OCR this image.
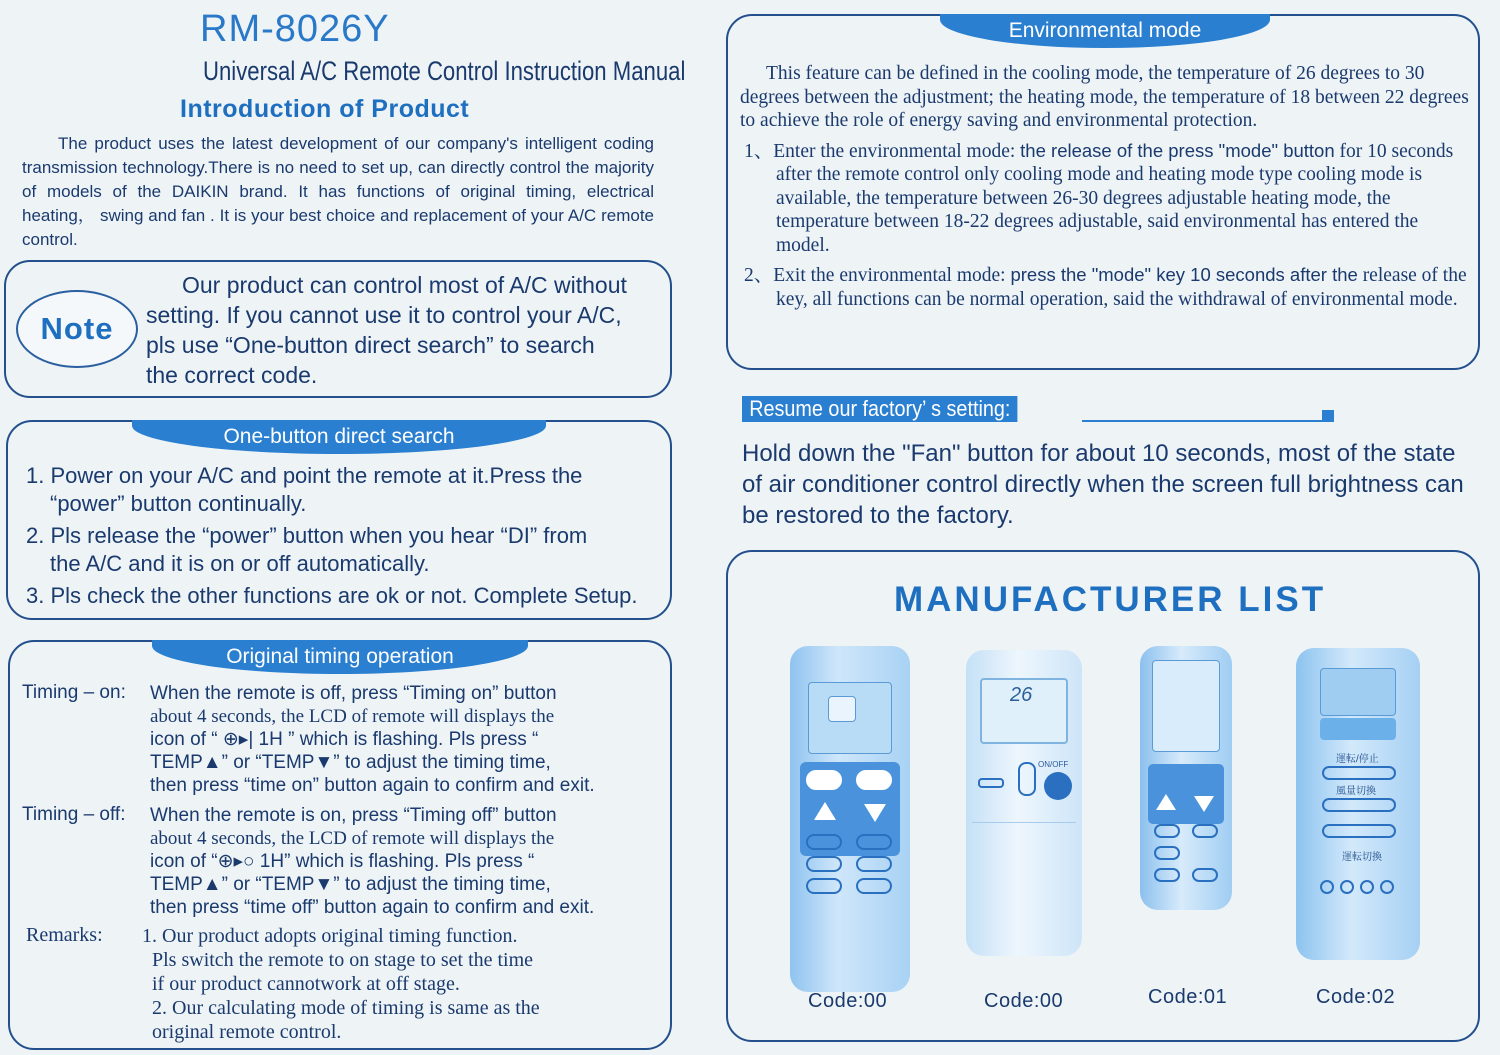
RM-8026Y
Universal A/C Remote Control Instruction Manual
Introduction of Product

The product uses the latest development of our company's intelligent coding transmission technology.There is no need to set up, can directly control the majority of models of the DAIKIN brand. It has functions of original timing, electrical heating， swing and fan . It is your best choice and replacement of your A/C remote control.

Note
Our product can control most of A/C without
setting. If you cannot use it to control your A/C,
pls use “One-button direct search” to search
the correct code.
One-button direct search
1. Power on your A/C and point the remote at it.Press the
“power” button continually.
2. Pls release the “power” button when you hear “DI” from
the A/C and it is on or off automatically.
3. Pls check the other functions are ok or not. Complete Setup.
Original timing operation
Timing – on: When the remote is off, press “Timing on” button
about 4 seconds, the LCD of remote will displays the
icon of “ ⊕▸| 1H ” which is flashing. Pls press “
TEMP▲” or “TEMP▼” to adjust the timing time,
then press “time on” button again to confirm and exit.
Timing – off: When the remote is on, press “Timing off” button
about 4 seconds, the LCD of remote will displays the
icon of “⊕▸○ 1H” which is flashing. Pls press “
TEMP▲” or “TEMP▼” to adjust the timing time,
then press “time off” button again to confirm and exit.
Remarks: 1. Our product adopts original timing function.
Pls switch the remote to on stage to set the time
if our product cannotwork at off stage.
2. Our calculating mode of timing is same as the
original remote control.
Environmental mode

This feature can be defined in the cooling mode, the temperature of 26 degrees to 30 degrees between the adjustment; the heating mode, the temperature of 18 between 22 degrees to achieve the role of energy saving and environmental protection.

1、Enter the environmental mode: the release of the press "mode" button for 10 seconds after the remote control only cooling mode and heating mode type cooling mode is available, the temperature between 26-30 degrees adjustable heating mode, the temperature between 18-22 degrees adjustable, said environmental has entered the model.

2、Exit the environmental mode: press the "mode" key 10 seconds after the release of the key, all functions can be normal operation, said the withdrawal of environmental mode.

Resume our factory’ s setting:
Hold down the "Fan" button for about 10 seconds, most of the state of air conditioner control directly when the screen full brightness can be restored to the factory.
MANUFACTURER LIST
Code:00
26
ON/OFF
Code:00	Code:01
運転/停止
風量切換
運転切換
Code:02
